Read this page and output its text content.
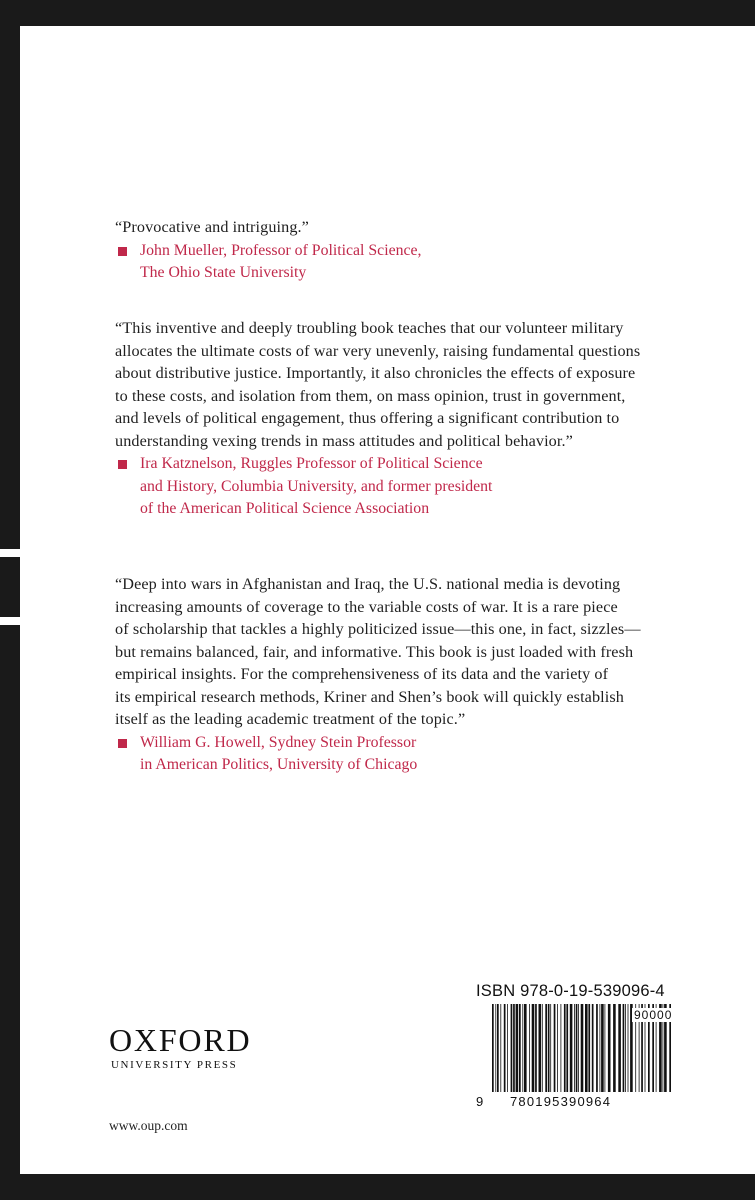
“Provocative and intriguing.”

John Mueller, Professor of Political Science,
The Ohio State University

“This inventive and deeply troubling book teaches that our volunteer military
allocates the ultimate costs of war very unevenly, raising fundamental questions
about distributive justice. Importantly, it also chronicles the effects of exposure
to these costs, and isolation from them, on mass opinion, trust in government,
and levels of political engagement, thus offering a significant contribution to
understanding vexing trends in mass attitudes and political behavior.”

Ira Katznelson, Ruggles Professor of Political Science
and History, Columbia University, and former president
of the American Political Science Association

“Deep into wars in Afghanistan and Iraq, the U.S. national media is devoting
increasing amounts of coverage to the variable costs of war. It is a rare piece
of scholarship that tackles a highly politicized issue—this one, in fact, sizzles—
but remains balanced, fair, and informative. This book is just loaded with fresh
empirical insights. For the comprehensiveness of its data and the variety of
its empirical research methods, Kriner and Shen’s book will quickly establish
itself as the leading academic treatment of the topic.”

William G. Howell, Sydney Stein Professor
in American Politics, University of Chicago
OXFORD
UNIVERSITY PRESS
www.oup.com
ISBN 978-0-19-539096-4
90000
9 780195390964
